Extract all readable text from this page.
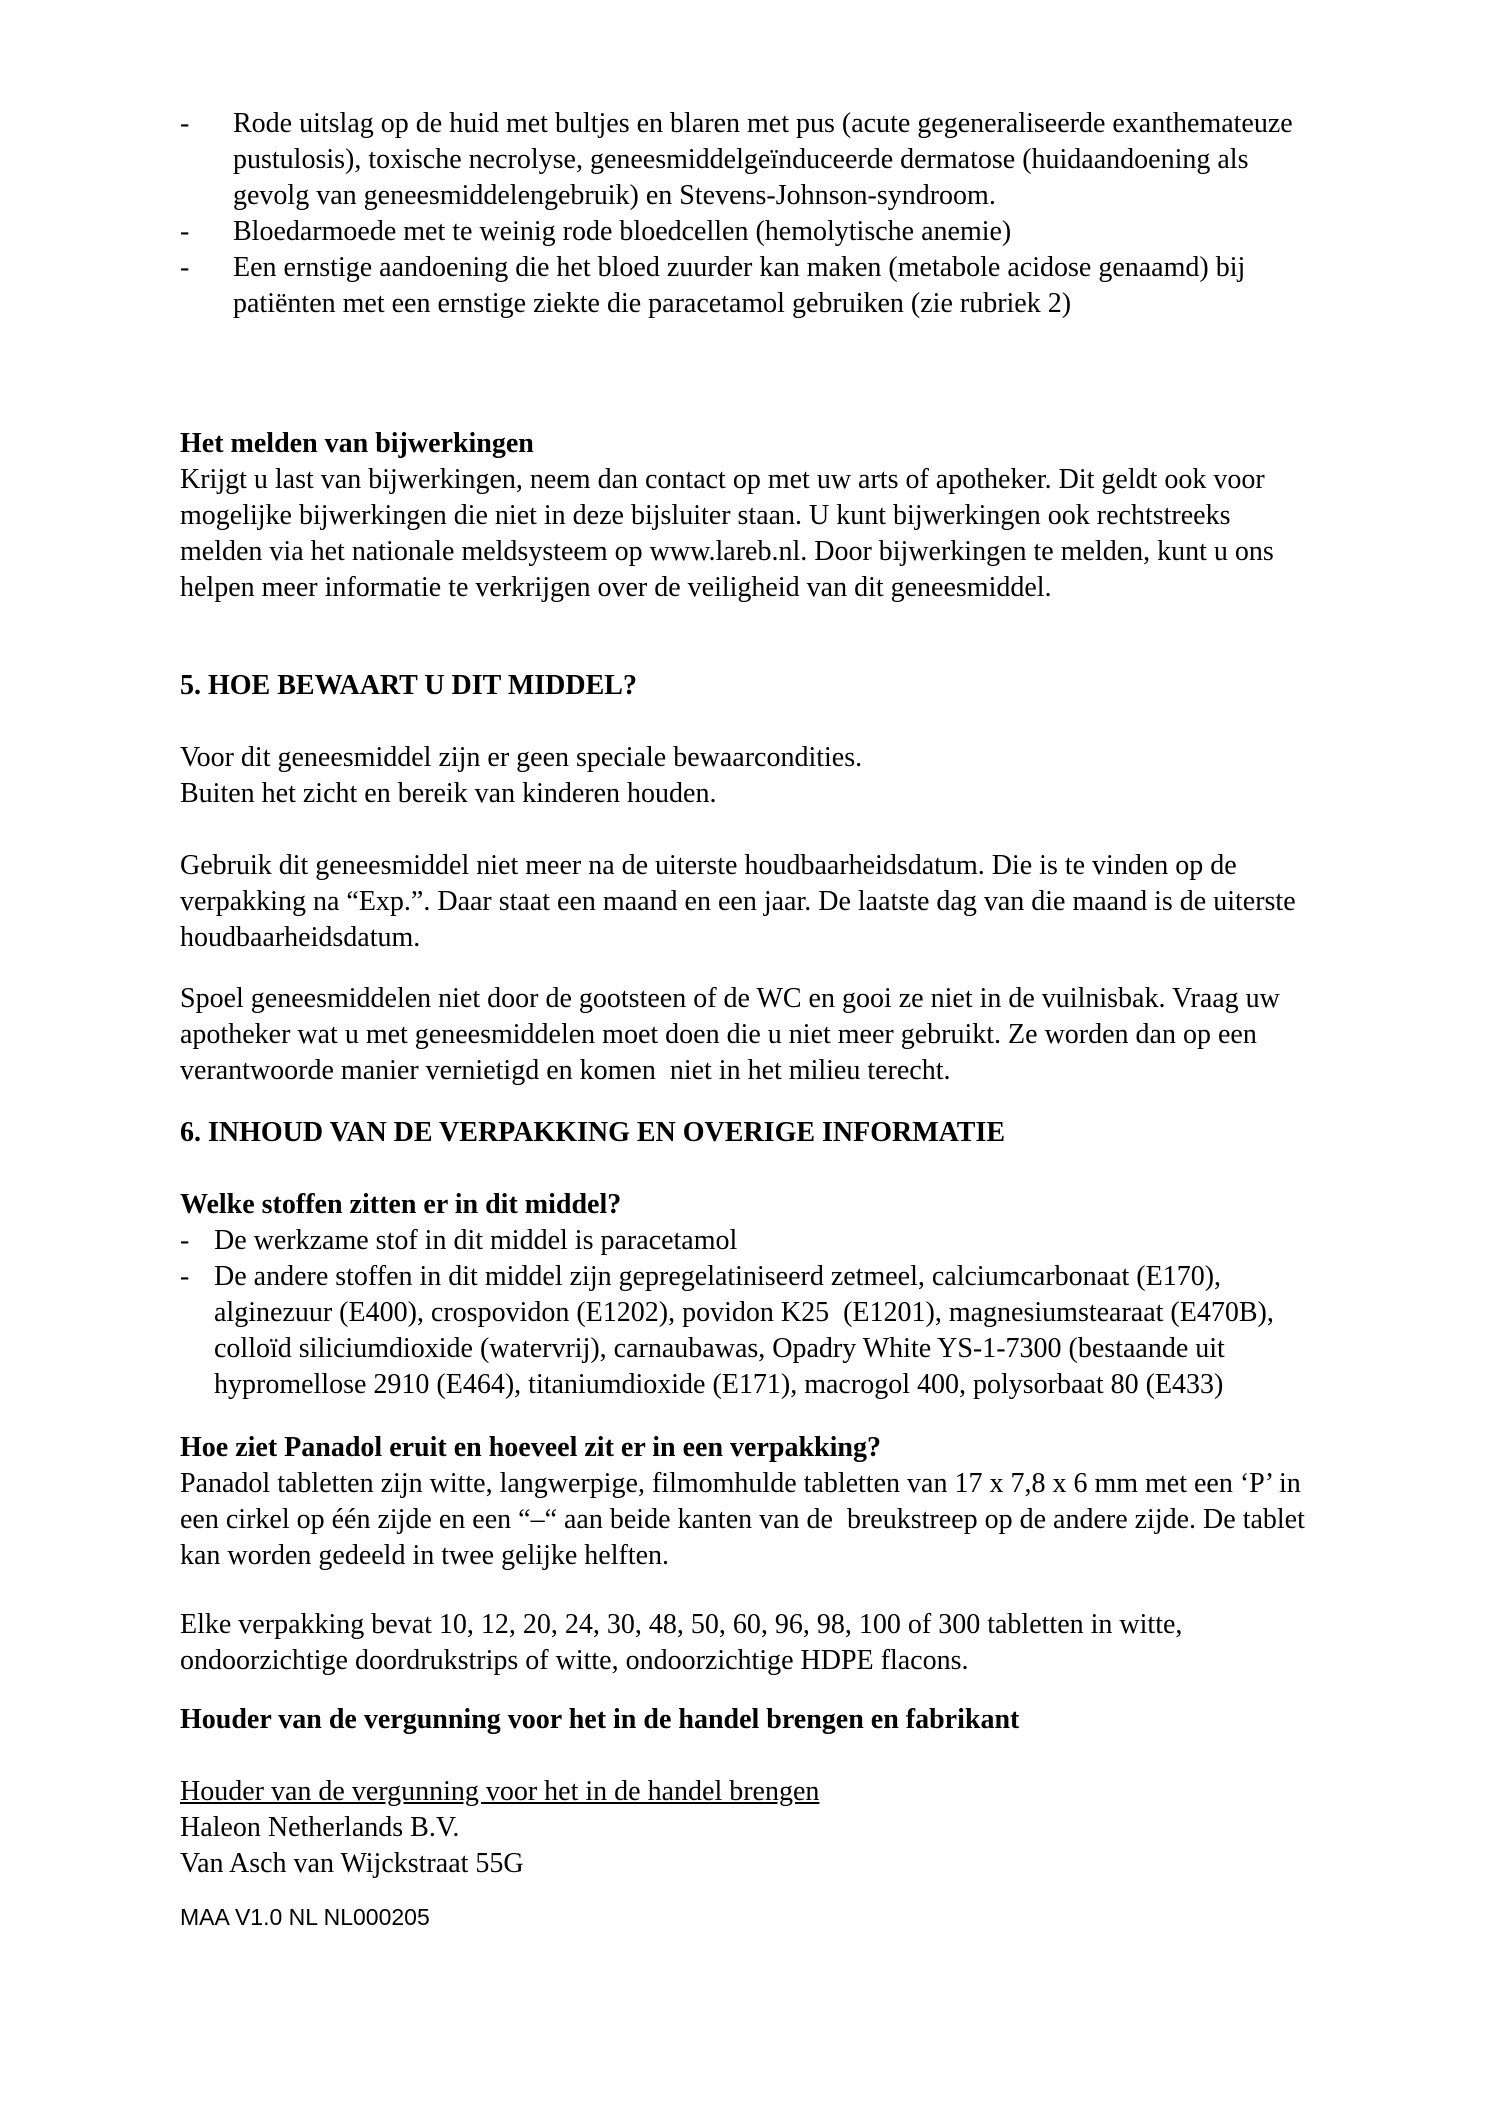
-	Rode uitslag op de huid met bultjes en blaren met pus (acute gegeneraliseerde exanthemateuze pustulosis), toxische necrolyse, geneesmiddelgeïnduceerde dermatose (huidaandoening als gevolg van geneesmiddelengebruik) en Stevens-Johnson-syndroom.
-	Bloedarmoede met te weinig rode bloedcellen (hemolytische anemie)
-	Een ernstige aandoening die het bloed zuurder kan maken (metabole acidose genaamd) bij patiënten met een ernstige ziekte die paracetamol gebruiken (zie rubriek 2)
Het melden van bijwerkingen

Krijgt u last van bijwerkingen, neem dan contact op met uw arts of apotheker. Dit geldt ook voor mogelijke bijwerkingen die niet in deze bijsluiter staan. U kunt bijwerkingen ook rechtstreeks melden via het nationale meldsysteem op www.lareb.nl. Door bijwerkingen te melden, kunt u ons helpen meer informatie te verkrijgen over de veiligheid van dit geneesmiddel.

5. HOE BEWAART U DIT MIDDEL?
Voor dit geneesmiddel zijn er geen speciale bewaarcondities.
Buiten het zicht en bereik van kinderen houden.

Gebruik dit geneesmiddel niet meer na de uiterste houdbaarheidsdatum. Die is te vinden op de verpakking na “Exp.”. Daar staat een maand en een jaar. De laatste dag van die maand is de uiterste houdbaarheidsdatum.

Spoel geneesmiddelen niet door de gootsteen of de WC en gooi ze niet in de vuilnisbak. Vraag uw apotheker wat u met geneesmiddelen moet doen die u niet meer gebruikt. Ze worden dan op een verantwoorde manier vernietigd en komen  niet in het milieu terecht.

6. INHOUD VAN DE VERPAKKING EN OVERIGE INFORMATIE
Welke stoffen zitten er in dit middel?
- De werkzame stof in dit middel is paracetamol
- De andere stoffen in dit middel zijn gepregelatiniseerd zetmeel, calciumcarbonaat (E170), alginezuur (E400), crospovidon (E1202), povidon K25  (E1201), magnesiumstearaat (E470B), colloïd siliciumdioxide (watervrij), carnaubawas, Opadry White YS-1-7300 (bestaande uit hypromellose 2910 (E464), titaniumdioxide (E171), macrogol 400, polysorbaat 80 (E433)
Hoe ziet Panadol eruit en hoeveel zit er in een verpakking?

Panadol tabletten zijn witte, langwerpige, filmomhulde tabletten van 17 x 7,8 x 6 mm met een ‘P’ in een cirkel op één zijde en een “–“ aan beide kanten van de  breukstreep op de andere zijde. De tablet kan worden gedeeld in twee gelijke helften.

Elke verpakking bevat 10, 12, 20, 24, 30, 48, 50, 60, 96, 98, 100 of 300 tabletten in witte, ondoorzichtige doordrukstrips of witte, ondoorzichtige HDPE flacons.

Houder van de vergunning voor het in de handel brengen en fabrikant
Houder van de vergunning voor het in de handel brengen
Haleon Netherlands B.V.
Van Asch van Wijckstraat 55G
MAA V1.0 NL NL000205
